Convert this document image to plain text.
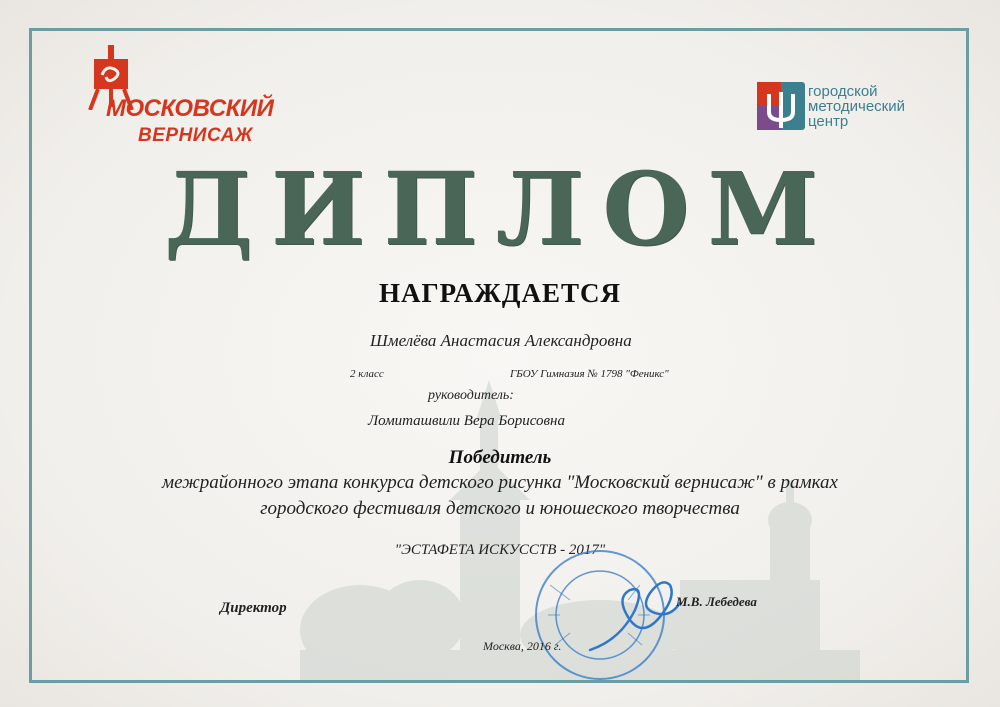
МОСКОВСКИЙ
ВЕРНИСАЖ
городской
методический
центр
ДИПЛОМ
НАГРАЖДАЕТСЯ
Шмелёва Анастасия Александровна
2 класс	ГБОУ Гимназия № 1798 "Феникс"
руководитель:
Ломиташвили Вера Борисовна
Победитель
межрайонного этапа конкурса детского рисунка "Московский вернисаж" в рамках
городского фестиваля детского и юношеского творчества
"ЭСТАФЕТА ИСКУССТВ - 2017"
Директор	М.В. Лебедева
Москва, 2016 г.
